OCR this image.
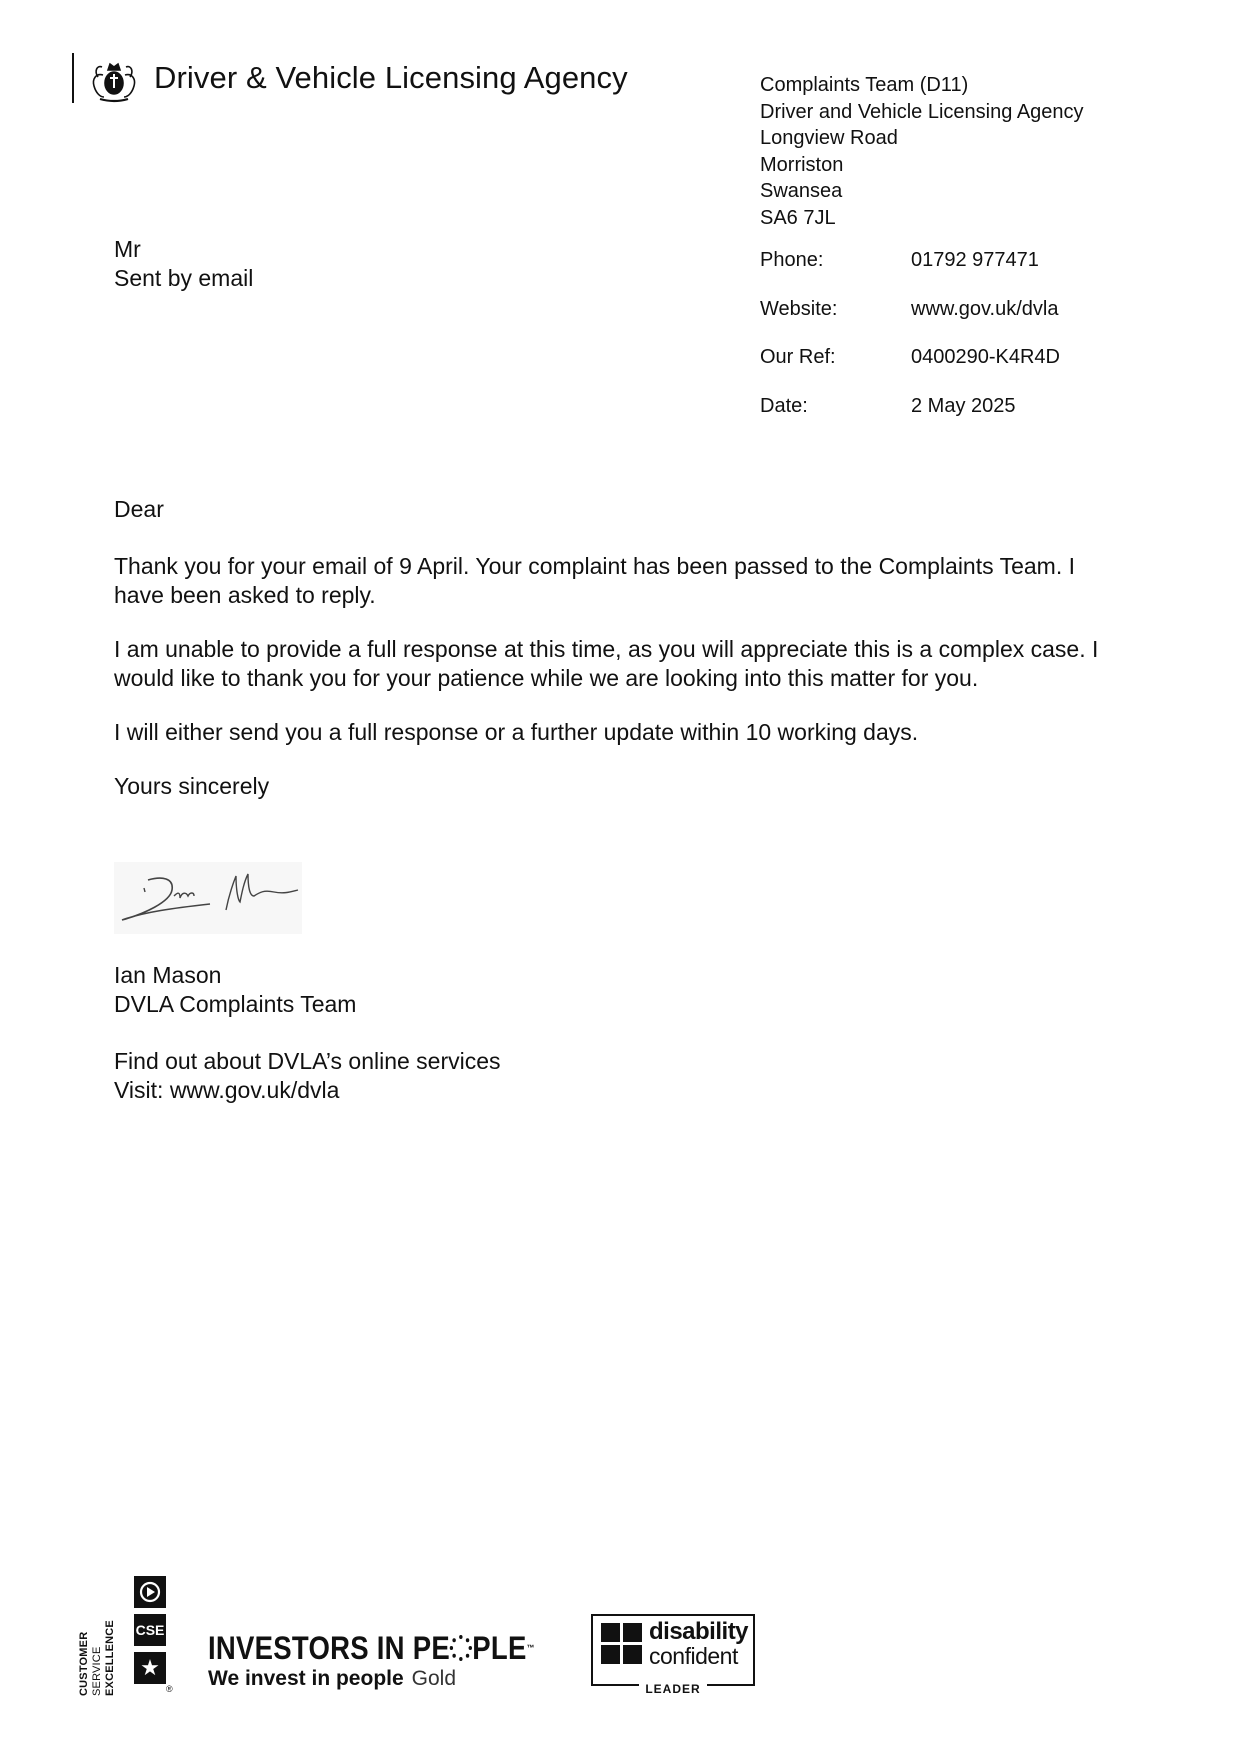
Driver & Vehicle Licensing Agency	Complaints Team (D11)
Driver and Vehicle Licensing Agency
Longview Road
Morriston
Swansea
SA6 7JL
Phone:	01792 977471
Website:	www.gov.uk/dvla
Our Ref:	0400290-K4R4D
Date:	2 May 2025
Mr
Sent by email

Dear

Thank you for your email of 9 April. Your complaint has been passed to the Complaints Team. I have been asked to reply.

I am unable to provide a full response at this time, as you will appreciate this is a complex case. I would like to thank you for your patience while we are looking into this matter for you.

I will either send you a full response or a further update within 10 working days.

Yours sincerely

Ian Mason
DVLA Complaints Team
Find out about DVLA’s online services
Visit: www.gov.uk/dvla
CUSTOMER SERVICE EXCELLENCE CSE
★
®
INVESTORS IN PE PLE™
We invest in people Gold
disability
confident
LEADER
